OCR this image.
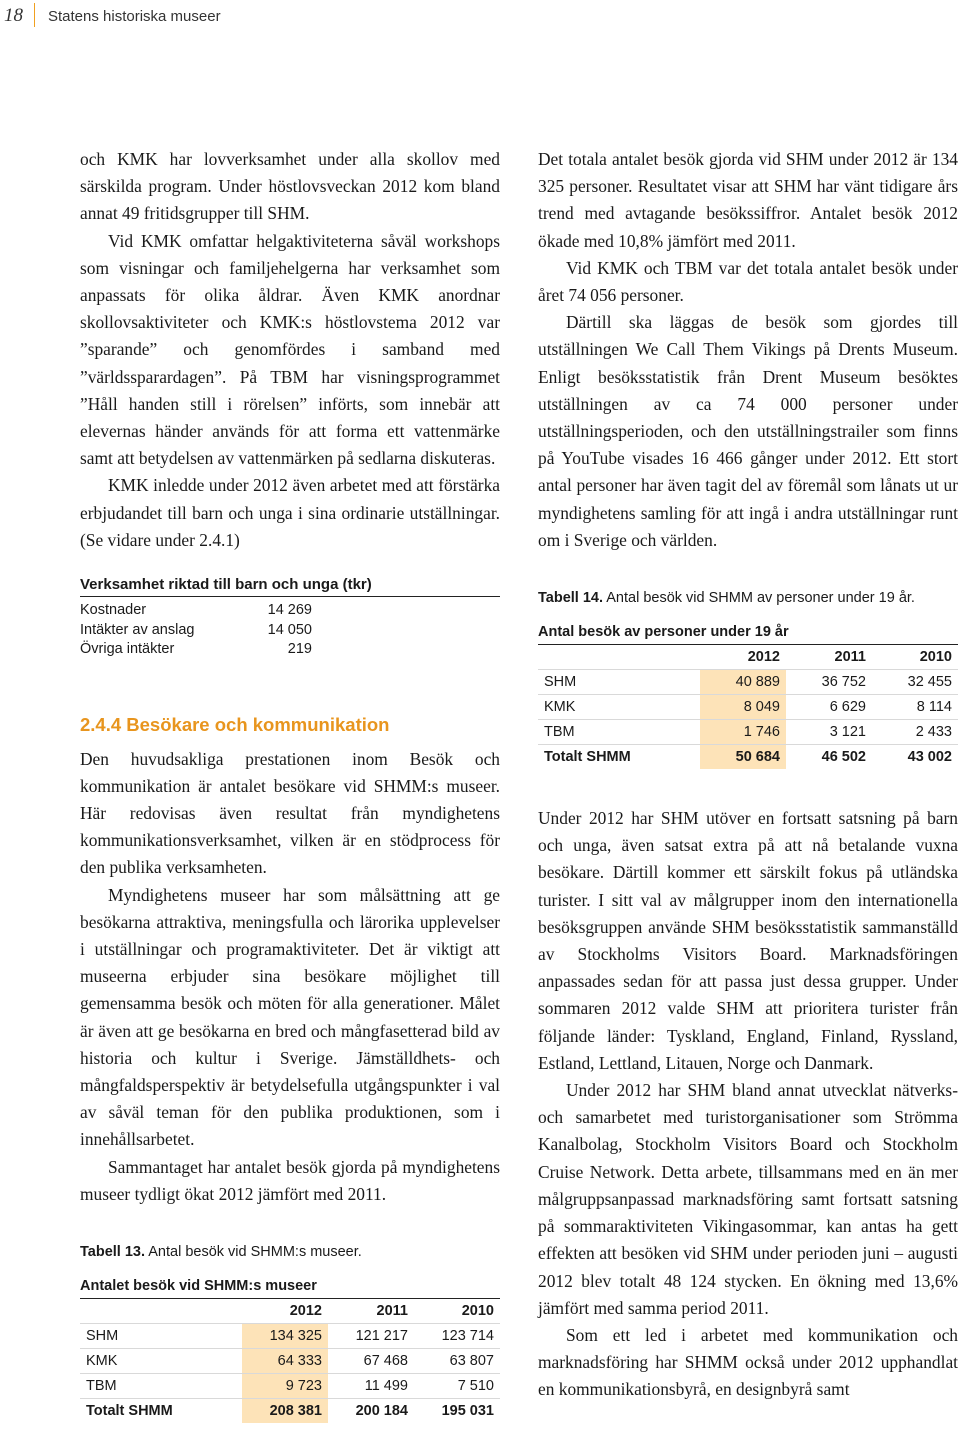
18 Statens historiska museer

och KMK har lovverksamhet under alla skollov med särskilda program. Under höstlovsveckan 2012 kom bland annat 49 fritidsgrupper till SHM.

Vid KMK omfattar helgaktiviteterna såväl workshops som visningar och familjehelgerna har verksamhet som anpassats för olika åldrar. Även KMK anordnar skollovsaktiviteter och KMK:s höstlovstema 2012 var ”sparande” och genomfördes i samband med ”världssparardagen”. På TBM har visningsprogrammet ”Håll handen still i rörelsen” införts, som innebär att elevernas händer används för att forma ett vattenmärke samt att betydelsen av vattenmärken på sedlarna diskuteras.

KMK inledde under 2012 även arbetet med att förstärka erbjudandet till barn och unga i sina ordinarie utställningar. (Se vidare under 2.4.1)

Verksamhet riktad till barn och unga (tkr)
Kostnader	14 269
Intäkter av anslag	14 050
Övriga intäkter	219
2.4.4 Besökare och kommunikation

Den huvudsakliga prestationen inom Besök och kommunikation är antalet besökare vid SHMM:s museer. Här redovisas även resultat från myndighetens kommunikationsverksamhet, vilken är en stödprocess för den publika verksamheten.

Myndighetens museer har som målsättning att ge besökarna attraktiva, meningsfulla och lärorika upplevelser i utställningar och programaktiviteter. Det är viktigt att museerna erbjuder sina besökare möjlighet till gemensamma besök och möten för alla generationer. Målet är även att ge besökarna en bred och mångfasetterad bild av historia och kultur i Sverige. Jämställdhets- och mångfaldsperspektiv är betydelsefulla utgångspunkter i val av såväl teman för den publika produktionen, som i innehållsarbetet.

Sammantaget har antalet besök gjorda på myndighetens museer tydligt ökat 2012 jämfört med 2011.

Tabell 13. Antal besök vid SHMM:s museer.
Antalet besök vid SHMM:s museer
	2012	2011	2010
SHM	134 325	121 217	123 714
KMK	64 333	67 468	63 807
TBM	9 723	11 499	7 510
Totalt SHMM	208 381	200 184	195 031

Det totala antalet besök gjorda vid SHM under 2012 är 134 325 personer. Resultatet visar att SHM har vänt tidigare års trend med avtagande besökssiffror. Antalet besök 2012 ökade med 10,8% jämfört med 2011.

Vid KMK och TBM var det totala antalet besök under året 74 056 personer.

Därtill ska läggas de besök som gjordes till utställningen We Call Them Vikings på Drents Museum. Enligt besöksstatistik från Drent Museum besöktes utställningen av ca 74 000 personer under utställningsperioden, och den utställningstrailer som finns på YouTube visades 16 466 gånger under 2012. Ett stort antal personer har även tagit del av föremål som lånats ut ur myndighetens samling för att ingå i andra utställningar runt om i Sverige och världen.

Tabell 14. Antal besök vid SHMM av personer under 19 år.
Antal besök av personer under 19 år
	2012	2011	2010
SHM	40 889	36 752	32 455
KMK	8 049	6 629	8 114
TBM	1 746	3 121	2 433
Totalt SHMM	50 684	46 502	43 002

Under 2012 har SHM utöver en fortsatt satsning på barn och unga, även satsat extra på att nå betalande vuxna besökare. Därtill kommer ett särskilt fokus på utländska turister. I sitt val av målgrupper inom den internationella besöksgruppen använde SHM besöksstatistik sammanställd av Stockholms Visitors Board. Marknadsföringen anpassades sedan för att passa just dessa grupper. Under sommaren 2012 valde SHM att prioritera turister från följande länder: Tyskland, England, Finland, Ryssland, Estland, Lettland, Litauen, Norge och Danmark.

Under 2012 har SHM bland annat utvecklat nätverks- och samarbetet med turistorganisationer som Strömma Kanalbolag, Stockholm Visitors Board och Stockholm Cruise Network. Detta arbete, tillsammans med en än mer målgruppsanpassad marknadsföring samt fortsatt satsning på sommaraktiviteten Vikingasommar, kan antas ha gett effekten att besöken vid SHM under perioden juni – augusti 2012 blev totalt 48 124 stycken. En ökning med 13,6% jämfört med samma period 2011.

Som ett led i arbetet med kommunikation och marknadsföring har SHMM också under 2012 upphandlat en kommunikationsbyrå, en designbyrå samt
